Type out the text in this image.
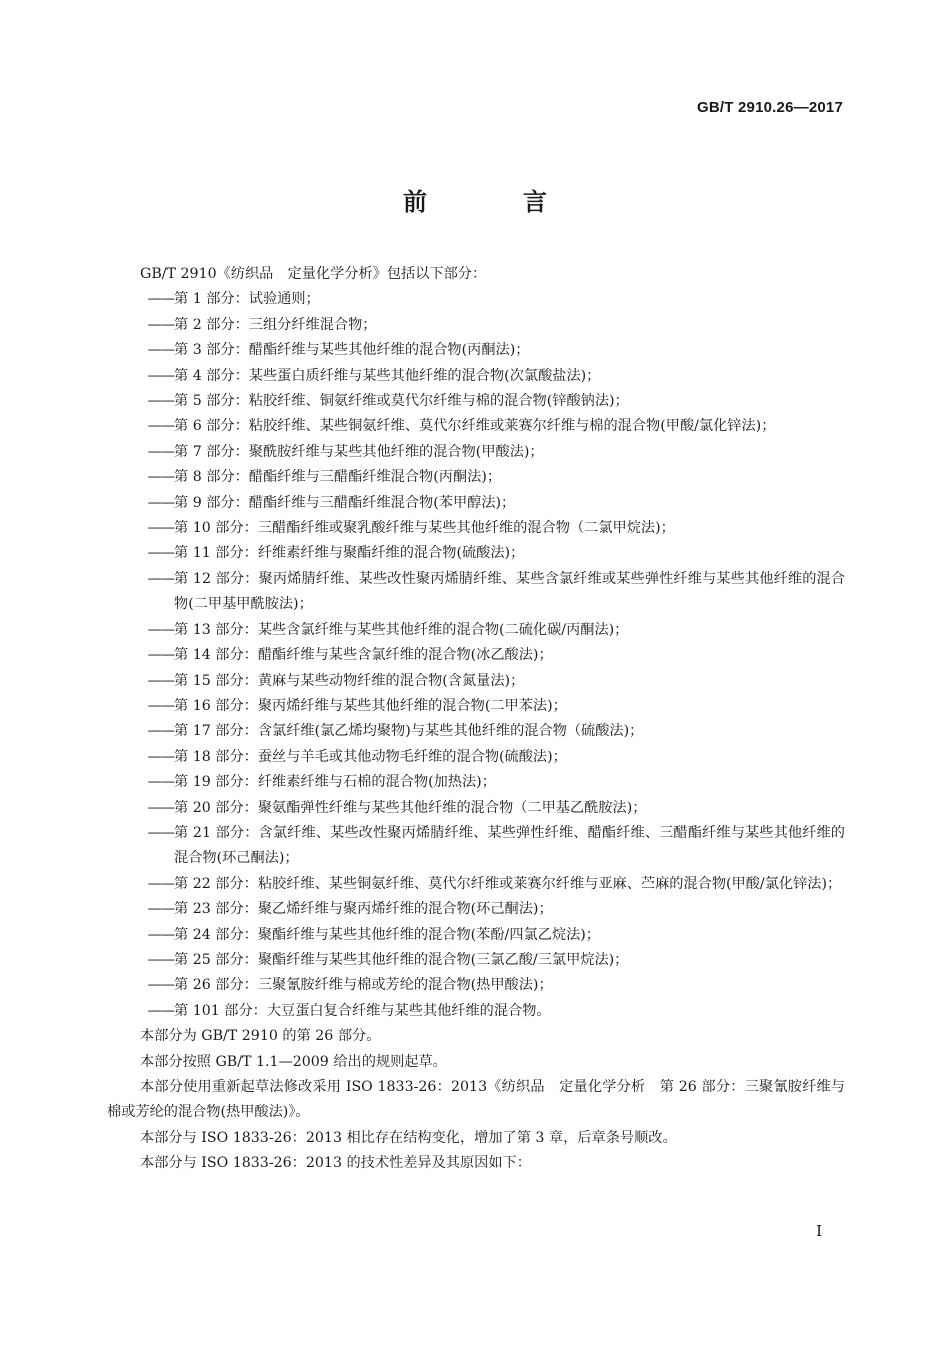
GB/T 2910.26—2017
前　言

GB/T 2910《纺织品　定量化学分析》包括以下部分：

—— 第 1 部分：试验通则；
—— 第 2 部分：三组分纤维混合物；
—— 第 3 部分：醋酯纤维与某些其他纤维的混合物(丙酮法)；
—— 第 4 部分：某些蛋白质纤维与某些其他纤维的混合物(次氯酸盐法)；
—— 第 5 部分：粘胶纤维、铜氨纤维或莫代尔纤维与棉的混合物(锌酸钠法)；
—— 第 6 部分：粘胶纤维、某些铜氨纤维、莫代尔纤维或莱赛尔纤维与棉的混合物(甲酸/氯化锌法)；
—— 第 7 部分：聚酰胺纤维与某些其他纤维的混合物(甲酸法)；
—— 第 8 部分：醋酯纤维与三醋酯纤维混合物(丙酮法)；
—— 第 9 部分：醋酯纤维与三醋酯纤维混合物(苯甲醇法)；
—— 第 10 部分：三醋酯纤维或聚乳酸纤维与某些其他纤维的混合物（二氯甲烷法)；
—— 第 11 部分：纤维素纤维与聚酯纤维的混合物(硫酸法)；
—— 第 12 部分：聚丙烯腈纤维、某些改性聚丙烯腈纤维、某些含氯纤维或某些弹性纤维与某些其他纤维的混合物(二甲基甲酰胺法)；
—— 第 13 部分：某些含氯纤维与某些其他纤维的混合物(二硫化碳/丙酮法)；
—— 第 14 部分：醋酯纤维与某些含氯纤维的混合物(冰乙酸法)；
—— 第 15 部分：黄麻与某些动物纤维的混合物(含氮量法)；
—— 第 16 部分：聚丙烯纤维与某些其他纤维的混合物(二甲苯法)；
—— 第 17 部分：含氯纤维(氯乙烯均聚物)与某些其他纤维的混合物（硫酸法)；
—— 第 18 部分：蚕丝与羊毛或其他动物毛纤维的混合物(硫酸法)；
—— 第 19 部分：纤维素纤维与石棉的混合物(加热法)；
—— 第 20 部分：聚氨酯弹性纤维与某些其他纤维的混合物（二甲基乙酰胺法)；
—— 第 21 部分：含氯纤维、某些改性聚丙烯腈纤维、某些弹性纤维、醋酯纤维、三醋酯纤维与某些其他纤维的混合物(环己酮法)；
—— 第 22 部分：粘胶纤维、某些铜氨纤维、莫代尔纤维或莱赛尔纤维与亚麻、苎麻的混合物(甲酸/氯化锌法)；
—— 第 23 部分：聚乙烯纤维与聚丙烯纤维的混合物(环己酮法)；
—— 第 24 部分：聚酯纤维与某些其他纤维的混合物(苯酚/四氯乙烷法)；
—— 第 25 部分：聚酯纤维与某些其他纤维的混合物(三氯乙酸/三氯甲烷法)；
—— 第 26 部分：三聚氰胺纤维与棉或芳纶的混合物(热甲酸法)；
—— 第 101 部分：大豆蛋白复合纤维与某些其他纤维的混合物。

本部分为 GB/T 2910 的第 26 部分。

本部分按照 GB/T 1.1—2009 给出的规则起草。

本部分使用重新起草法修改采用 ISO 1833-26：2013《纺织品　定量化学分析　第 26 部分：三聚氰胺纤维与棉或芳纶的混合物(热甲酸法)》。

本部分与 ISO 1833-26：2013 相比存在结构变化，增加了第 3 章，后章条号顺改。

本部分与 ISO 1833-26：2013 的技术性差异及其原因如下：

I
